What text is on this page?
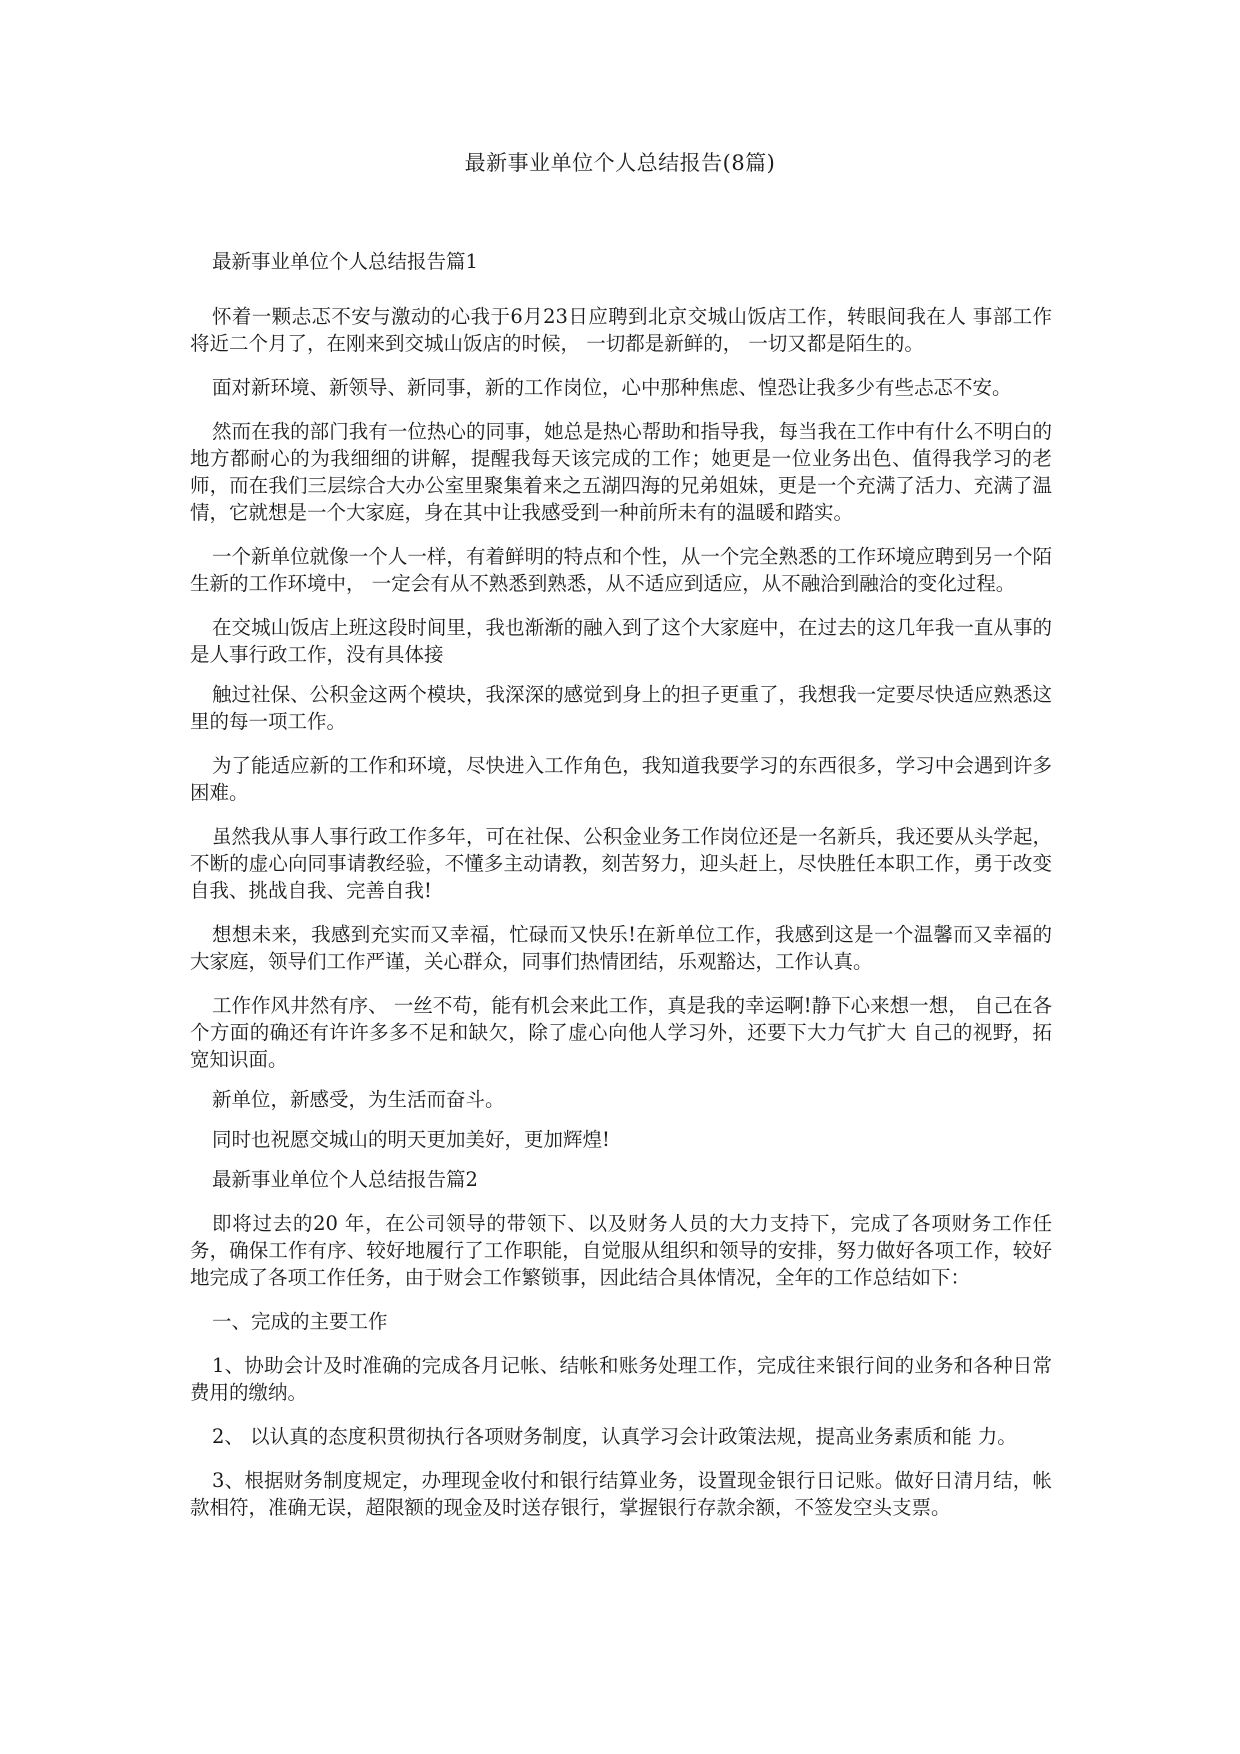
最新事业单位个人总结报告(8篇)

最新事业单位个人总结报告篇1

怀着一颗忐忑不安与激动的心我于6月23日应聘到北京交城山饭店工作，转眼间我在人 事部工作将近二个月了，在刚来到交城山饭店的时候， 一切都是新鲜的， 一切又都是陌生的。

面对新环境、新领导、新同事，新的工作岗位，心中那种焦虑、惶恐让我多少有些忐忑不安。

然而在我的部门我有一位热心的同事，她总是热心帮助和指导我，每当我在工作中有什么不明白的地方都耐心的为我细细的讲解，提醒我每天该完成的工作；她更是一位业务出色、值得我学习的老师，而在我们三层综合大办公室里聚集着来之五湖四海的兄弟姐妹，更是一个充满了活力、充满了温情，它就想是一个大家庭，身在其中让我感受到一种前所未有的温暖和踏实。

一个新单位就像一个人一样，有着鲜明的特点和个性，从一个完全熟悉的工作环境应聘到另一个陌生新的工作环境中， 一定会有从不熟悉到熟悉，从不适应到适应，从不融洽到融洽的变化过程。

在交城山饭店上班这段时间里，我也渐渐的融入到了这个大家庭中，在过去的这几年我一直从事的是人事行政工作，没有具体接

触过社保、公积金这两个模块，我深深的感觉到身上的担子更重了，我想我一定要尽快适应熟悉这里的每一项工作。

为了能适应新的工作和环境，尽快进入工作角色，我知道我要学习的东西很多，学习中会遇到许多困难。

虽然我从事人事行政工作多年，可在社保、公积金业务工作岗位还是一名新兵，我还要从头学起，不断的虚心向同事请教经验，不懂多主动请教，刻苦努力，迎头赶上，尽快胜任本职工作，勇于改变自我、挑战自我、完善自我!

想想未来，我感到充实而又幸福，忙碌而又快乐!在新单位工作，我感到这是一个温馨而又幸福的大家庭，领导们工作严谨，关心群众，同事们热情团结，乐观豁达，工作认真。

工作作风井然有序、 一丝不苟，能有机会来此工作，真是我的幸运啊!静下心来想一想， 自己在各个方面的确还有许许多多不足和缺欠，除了虚心向他人学习外，还要下大力气扩大 自己的视野，拓宽知识面。

新单位，新感受，为生活而奋斗。

同时也祝愿交城山的明天更加美好，更加辉煌!

最新事业单位个人总结报告篇2

即将过去的20 年，在公司领导的带领下、以及财务人员的大力支持下，完成了各项财务工作任务，确保工作有序、较好地履行了工作职能，自觉服从组织和领导的安排，努力做好各项工作，较好地完成了各项工作任务，由于财会工作繁锁事，因此结合具体情况，全年的工作总结如下：

一、完成的主要工作

1、协助会计及时准确的完成各月记帐、结帐和账务处理工作，完成往来银行间的业务和各种日常费用的缴纳。

2、 以认真的态度积贯彻执行各项财务制度，认真学习会计政策法规，提高业务素质和能 力。

3、根据财务制度规定，办理现金收付和银行结算业务，设置现金银行日记账。做好日清月结，帐款相符，准确无误，超限额的现金及时送存银行，掌握银行存款余额，不签发空头支票。
